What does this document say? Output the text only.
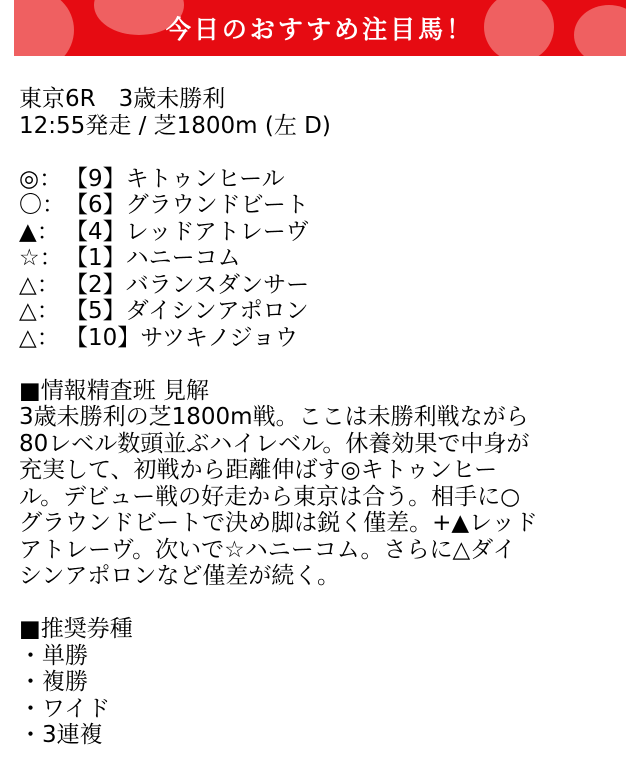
今日のおすすめ注目馬！
東京6R　3歳未勝利
12:55発走 / 芝1800m (左 D)
◎： 【9】キトゥンヒール
〇：【6】グラウンドビート
▲： 【4】レッドアトレーヴ
☆： 【1】ハニーコム
△： 【2】バランスダンサー
△： 【5】ダイシンアポロン
△： 【10】サツキノジョウ
■情報精査班 見解
3歳未勝利の芝1800m戦。ここは未勝利戦ながら
80レベル数頭並ぶハイレベル。休養効果で中身が
充実して、初戦から距離伸ばす◎キトゥンヒー
ル。デビュー戦の好走から東京は合う。相手に○
グラウンドビートで決め脚は鋭く僅差。+▲レッド
アトレーヴ。次いで☆ハニーコム。さらに△ダイ
シンアポロンなど僅差が続く。
■推奨券種
・単勝
・複勝
・ワイド
・3連複
